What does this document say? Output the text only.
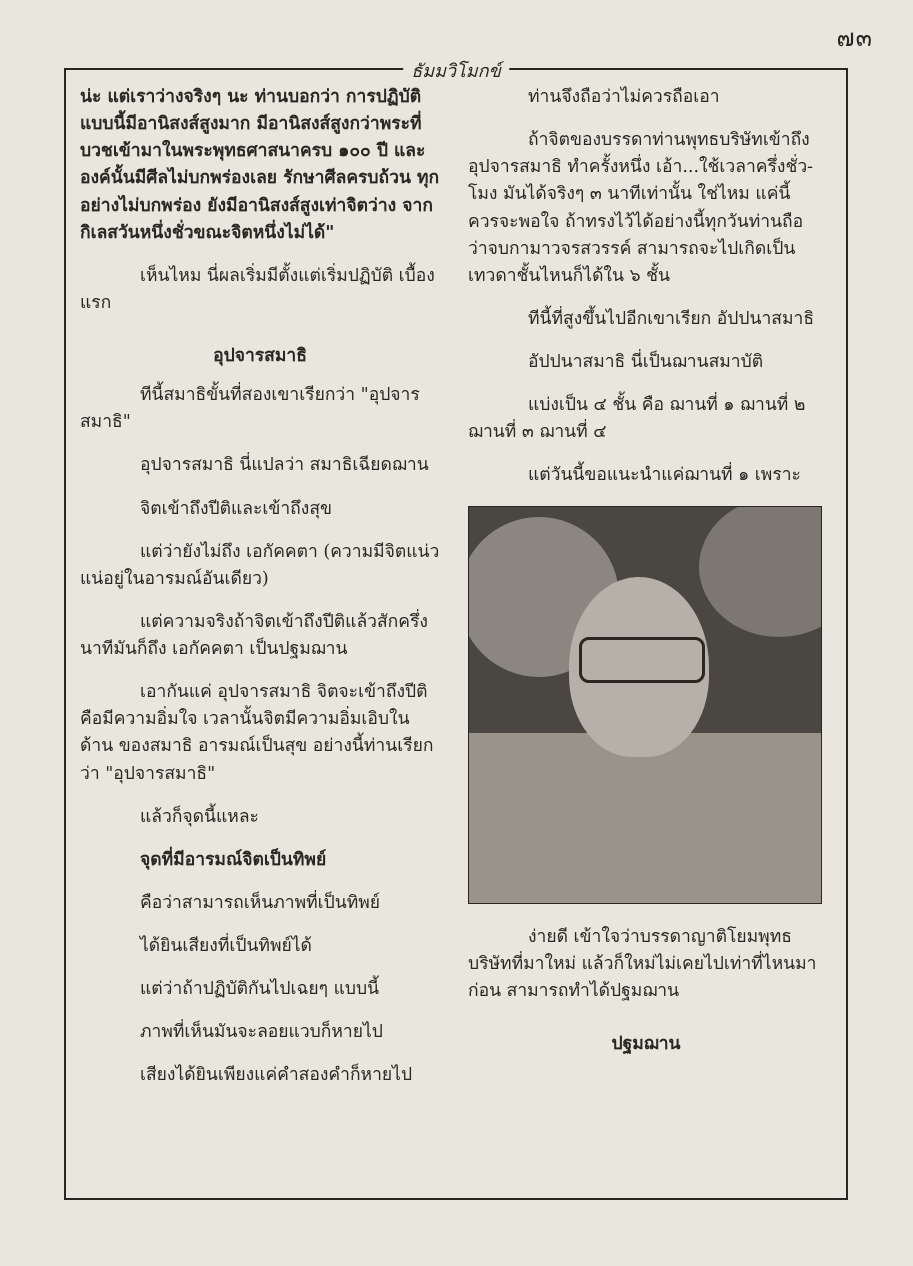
๗๓
ธัมมวิโมกข์

น่ะ แต่เราว่างจริงๆ นะ ท่านบอกว่า การปฏิบัติ แบบนี้มีอานิสงส์สูงมาก มีอานิสงส์สูงกว่าพระที่ บวชเข้ามาในพระพุทธศาสนาครบ ๑๐๐ ปี และ องค์นั้นมีศีลไม่บกพร่องเลย รักษาศีลครบถ้วน ทุกอย่างไม่บกพร่อง ยังมีอานิสงส์สูงเท่าจิตว่าง จากกิเลสวันหนึ่งชั่วขณะจิตหนึ่งไม่ได้"

เห็นไหม นี่ผลเริ่มมีตั้งแต่เริ่มปฏิบัติ เบื้องแรก

อุปจารสมาธิ

ทีนี้สมาธิขั้นที่สองเขาเรียกว่า "อุปจาร สมาธิ"

อุปจารสมาธิ นี่แปลว่า สมาธิเฉียดฌาน

จิตเข้าถึงปีติและเข้าถึงสุข

แต่ว่ายังไม่ถึง เอกัคคตา (ความมีจิตแน่ว แน่อยู่ในอารมณ์อันเดียว)

แต่ความจริงถ้าจิตเข้าถึงปีติแล้วสักครึ่ง นาทีมันก็ถึง เอกัคคตา เป็นปฐมฌาน

เอากันแค่ อุปจารสมาธิ จิตจะเข้าถึงปีติ คือมีความอิ่มใจ เวลานั้นจิตมีความอิ่มเอิบในด้าน ของสมาธิ อารมณ์เป็นสุข อย่างนี้ท่านเรียกว่า "อุปจารสมาธิ"

แล้วก็จุดนี้แหละ

จุดที่มีอารมณ์จิตเป็นทิพย์

คือว่าสามารถเห็นภาพที่เป็นทิพย์

ได้ยินเสียงที่เป็นทิพย์ได้

แต่ว่าถ้าปฏิบัติกันไปเฉยๆ แบบนี้

ภาพที่เห็นมันจะลอยแวบก็หายไป

เสียงได้ยินเพียงแค่คำสองคำก็หายไป

ท่านจึงถือว่าไม่ควรถือเอา

ถ้าจิตของบรรดาท่านพุทธบริษัทเข้าถึง อุปจารสมาธิ ทำครั้งหนึ่ง เอ้า...ใช้เวลาครึ่งชั่ว- โมง มันได้จริงๆ ๓ นาทีเท่านั้น ใช่ไหม แค่นี้ ควรจะพอใจ ถ้าทรงไว้ได้อย่างนี้ทุกวันท่านถือ ว่าจบกามาวจรสวรรค์ สามารถจะไปเกิดเป็น เทวดาชั้นไหนก็ได้ใน ๖ ชั้น

ทีนี้ที่สูงขึ้นไปอีกเขาเรียก อัปปนาสมาธิ

อัปปนาสมาธิ นี่เป็นฌานสมาบัติ

แบ่งเป็น ๔ ชั้น คือ ฌานที่ ๑ ฌานที่ ๒ ฌานที่ ๓ ฌานที่ ๔

แต่วันนี้ขอแนะนำแค่ฌานที่ ๑ เพราะ

ง่ายดี เข้าใจว่าบรรดาญาติโยมพุทธ บริษัทที่มาใหม่ แล้วก็ใหม่ไม่เคยไปเท่าที่ไหนมา ก่อน สามารถทำได้ปฐมฌาน

ปฐมฌาน
